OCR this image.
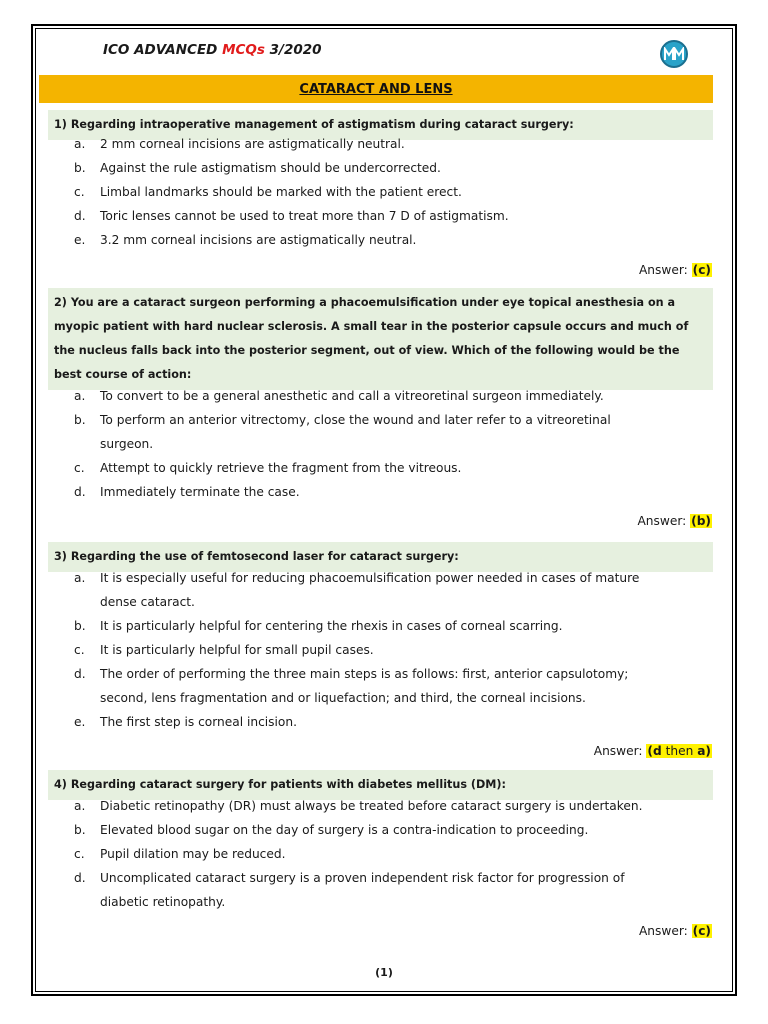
ICO ADVANCED MCQs 3/2020
CATARACT AND LENS
1) Regarding intraoperative management of astigmatism during cataract surgery:
a. 2 mm corneal incisions are astigmatically neutral.
b. Against the rule astigmatism should be undercorrected.
c. Limbal landmarks should be marked with the patient erect.
d. Toric lenses cannot be used to treat more than 7 D of astigmatism.
e. 3.2 mm corneal incisions are astigmatically neutral.
Answer: (c)
2) You are a cataract surgeon performing a phacoemulsification under eye topical anesthesia on a myopic patient with hard nuclear sclerosis. A small tear in the posterior capsule occurs and much of the nucleus falls back into the posterior segment, out of view. Which of the following would be the best course of action:
a. To convert to be a general anesthetic and call a vitreoretinal surgeon immediately.
b. To perform an anterior vitrectomy, close the wound and later refer to a vitreoretinal
surgeon.
c. Attempt to quickly retrieve the fragment from the vitreous.
d. Immediately terminate the case.
Answer: (b)
3) Regarding the use of femtosecond laser for cataract surgery:
a. It is especially useful for reducing phacoemulsification power needed in cases of mature
dense cataract.
b. It is particularly helpful for centering the rhexis in cases of corneal scarring.
c. It is particularly helpful for small pupil cases.
d. The order of performing the three main steps is as follows: first, anterior capsulotomy;
second, lens fragmentation and or liquefaction; and third, the corneal incisions.
e. The first step is corneal incision.
Answer: (d then a)
4) Regarding cataract surgery for patients with diabetes mellitus (DM):
a. Diabetic retinopathy (DR) must always be treated before cataract surgery is undertaken.
b. Elevated blood sugar on the day of surgery is a contra-indication to proceeding.
c. Pupil dilation may be reduced.
d. Uncomplicated cataract surgery is a proven independent risk factor for progression of
diabetic retinopathy.
Answer: (c)
(1)
